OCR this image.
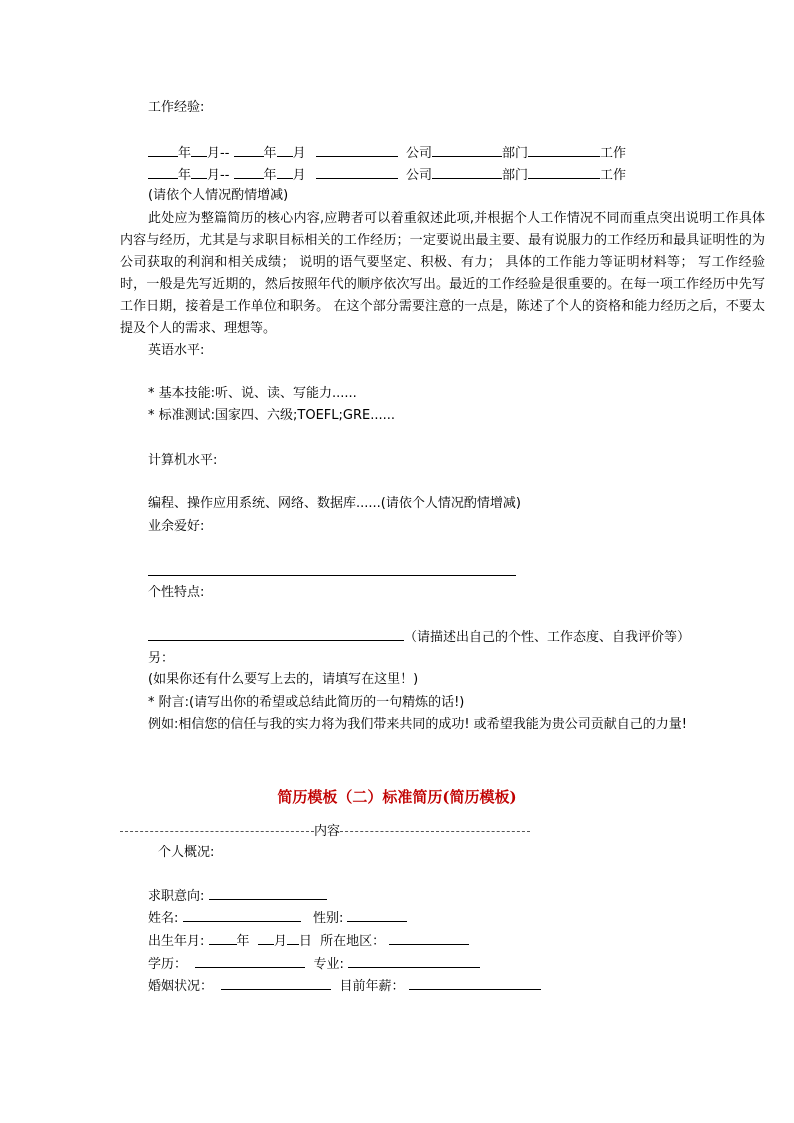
工作经验:
年 月--	年 月	公司	部门	工作
年 月--	年 月	公司	部门	工作
(请依个人情况酌情增减)
此处应为整篇简历的核心内容,应聘者可以着重叙述此项,并根据个人工作情况不同而重点突出说明工作具体内容与经历，尤其是与求职目标相关的工作经历；一定要说出最主要、最有说服力的工作经历和最具证明性的为公司获取的利润和相关成绩； 说明的语气要坚定、积极、有力； 具体的工作能力等证明材料等； 写工作经验时，一般是先写近期的，然后按照年代的顺序依次写出。最近的工作经验是很重要的。在每一项工作经历中先写工作日期，接着是工作单位和职务。 在这个部分需要注意的一点是，陈述了个人的资格和能力经历之后，不要太提及个人的需求、理想等。
英语水平:
* 基本技能:听、说、读、写能力......
* 标准测试:国家四、六级;TOEFL;GRE......
计算机水平:
编程、操作应用系统、网络、数据库......(请依个人情况酌情增减)
业余爱好:
个性特点:
（请描述出自己的个性、工作态度、自我评价等）
另：
(如果你还有什么要写上去的，请填写在这里！)
* 附言:(请写出你的希望或总结此简历的一句精炼的话!)
例如:相信您的信任与我的实力将为我们带来共同的成功! 或希望我能为贵公司贡献自己的力量!
简历模板（二）标准简历(简历模板)
内容
个人概况:
求职意向:
姓名:	性别:
出生年月: 年 月 日 所在地区：
学历：	专业:
婚姻状况：	目前年薪：
